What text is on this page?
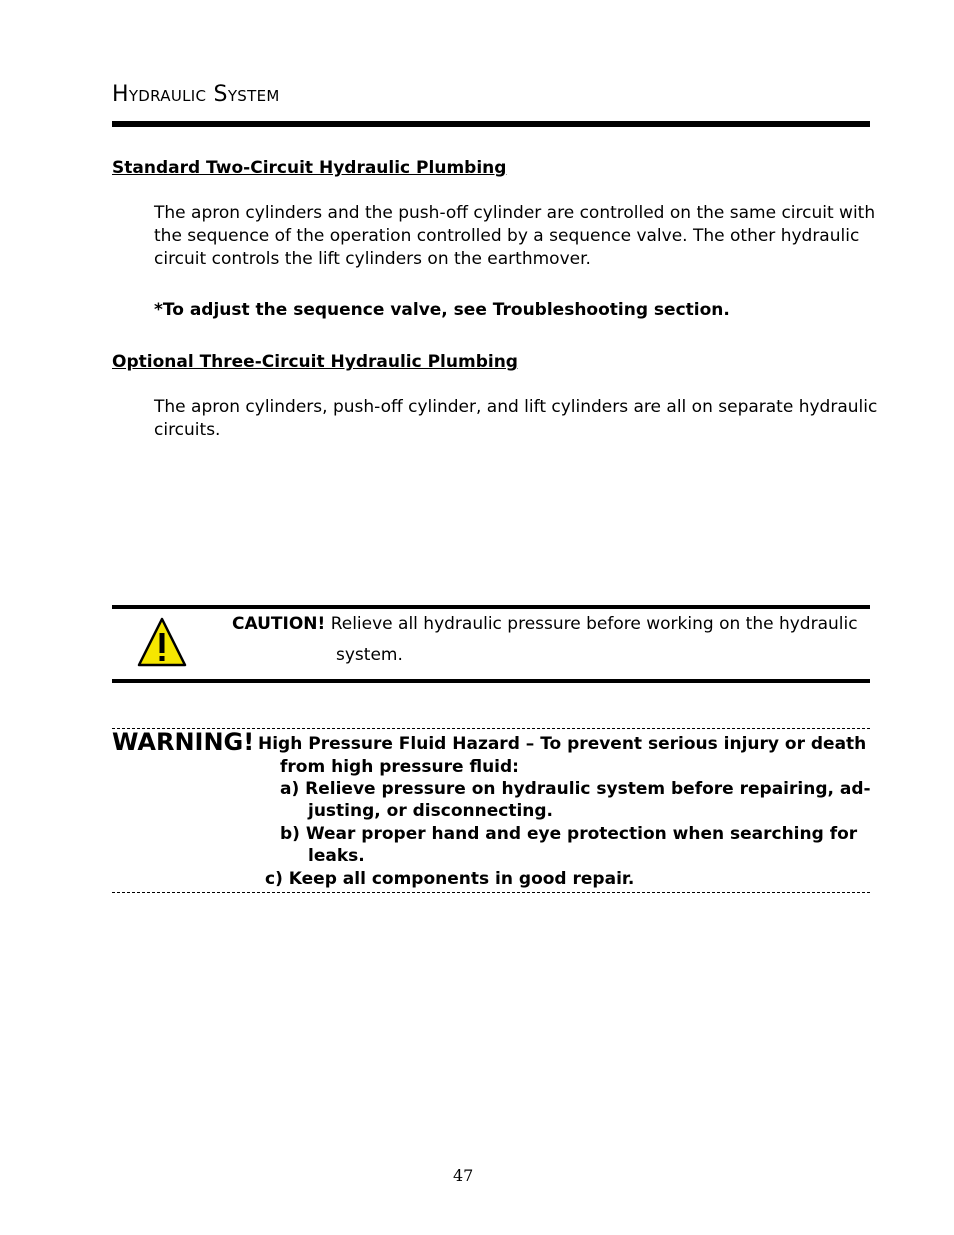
Hydraulic System
Standard Two-Circuit Hydraulic Plumbing
The apron cylinders and the push-off cylinder are controlled on the same circuit with
the sequence of the operation controlled by a sequence valve. The other hydraulic
circuit controls the lift cylinders on the earthmover.
*To adjust the sequence valve, see Troubleshooting section.
Optional Three-Circuit Hydraulic Plumbing
The apron cylinders, push-off cylinder, and lift cylinders are all on separate hydraulic
circuits.
CAUTION! Relieve all hydraulic pressure before working on the hydraulic
system.
WARNING! High Pressure Fluid Hazard – To prevent serious injury or death
from high pressure fluid:
a) Relieve pressure on hydraulic system before repairing, ad-
justing, or disconnecting.
b) Wear proper hand and eye protection when searching for
leaks.
c) Keep all components in good repair.
47
